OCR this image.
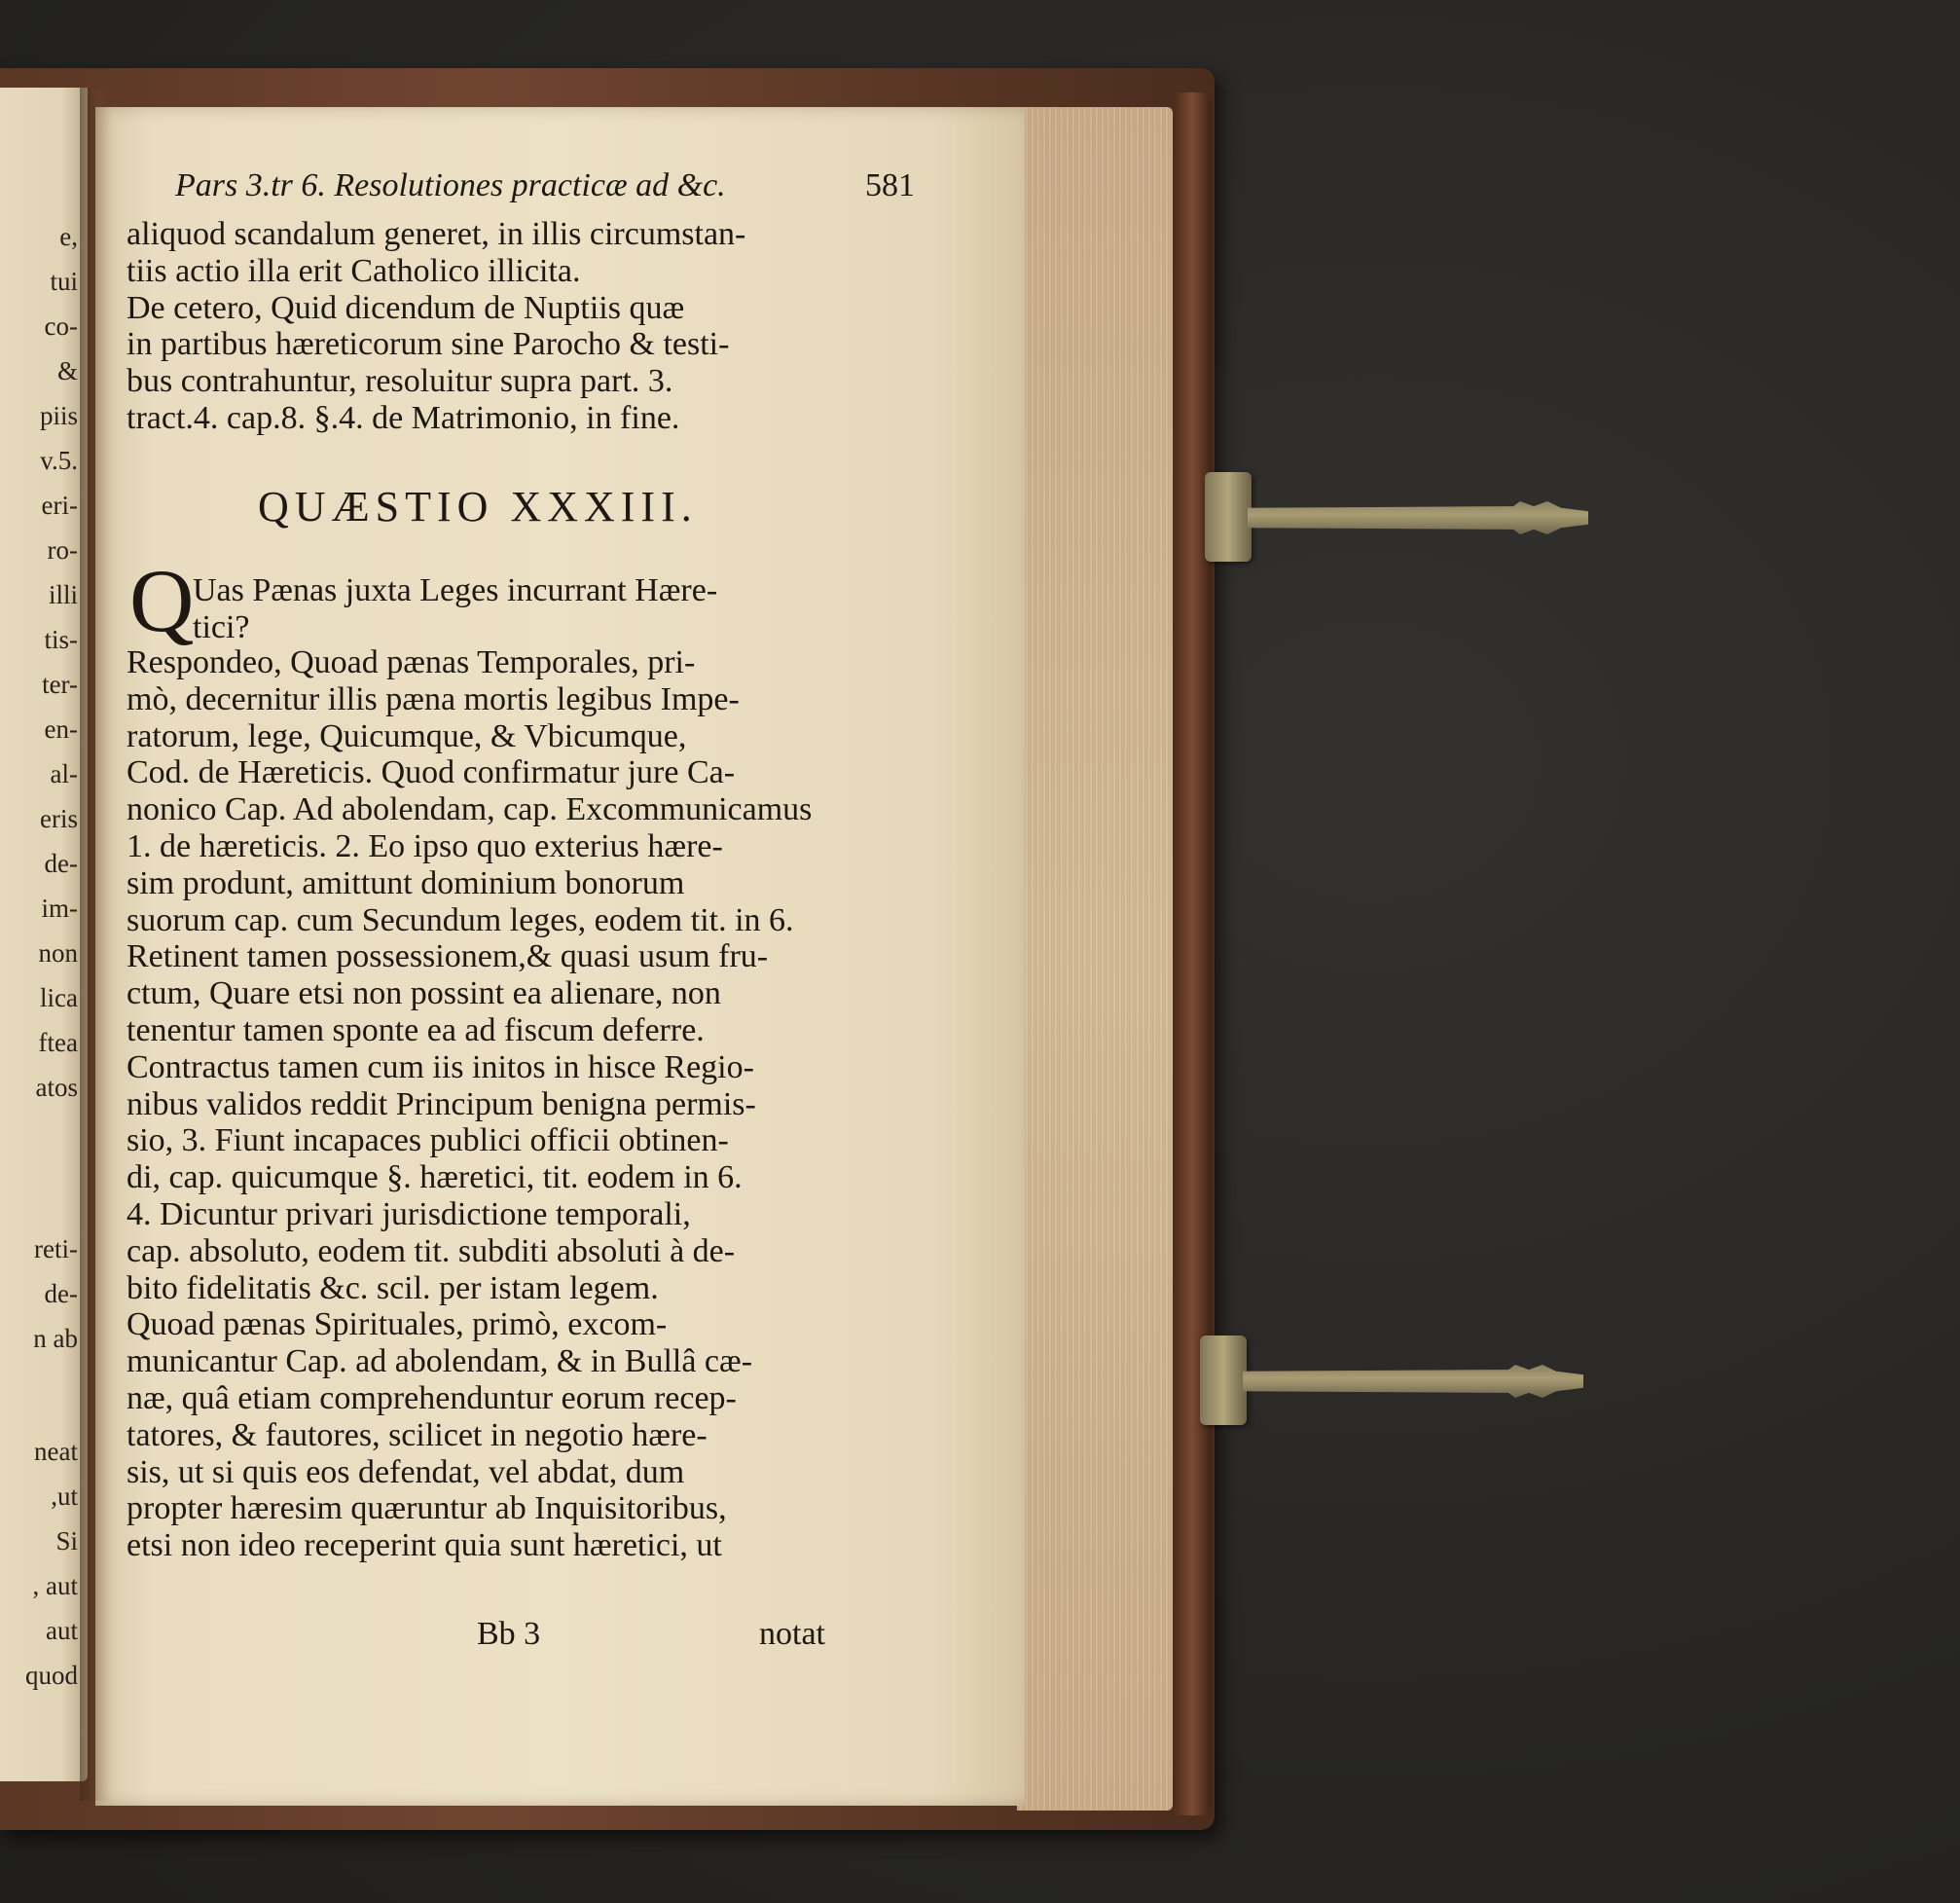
e,
tui
co-
&
piis
v.5.
eri-
ro-
illi
tis-
ter-
en-
al-
eris
de-
im-
non
lica
ftea
atos
reti-
de-
n ab
neat
,ut
Si
, aut
aut
quod
Pars 3.tr 6. Resolutiones practicæ ad &c.	581
aliquod scandalum generet, in illis circumstan-
tiis actio illa erit Catholico illicita.
De cetero, Quid dicendum de Nuptiis quæ
in partibus hæreticorum sine Parocho & testi-
bus contrahuntur, resoluitur supra part. 3.
tract.4. cap.8. §.4. de Matrimonio, in fine.
QUÆSTIO XXXIII.
Q
Uas Pænas juxta Leges incurrant Hære-
tici?
Respondeo, Quoad pænas Temporales, pri-
mò, decernitur illis pæna mortis legibus Impe-
ratorum, lege, Quicumque, & Vbicumque,
Cod. de Hæreticis. Quod confirmatur jure Ca-
nonico Cap. Ad abolendam, cap. Excommunicamus
1. de hæreticis. 2. Eo ipso quo exterius hære-
sim produnt, amittunt dominium bonorum
suorum cap. cum Secundum leges, eodem tit. in 6.
Retinent tamen possessionem,& quasi usum fru-
ctum, Quare etsi non possint ea alienare, non
tenentur tamen sponte ea ad fiscum deferre.
Contractus tamen cum iis initos in hisce Regio-
nibus validos reddit Principum benigna permis-
sio, 3. Fiunt incapaces publici officii obtinen-
di, cap. quicumque §. hæretici, tit. eodem in 6.
4. Dicuntur privari jurisdictione temporali,
cap. absoluto, eodem tit. subditi absoluti à de-
bito fidelitatis &c. scil. per istam legem.
Quoad pænas Spirituales, primò, excom-
municantur Cap. ad abolendam, & in Bullâ cæ-
næ, quâ etiam comprehenduntur eorum recep-
tatores, & fautores, scilicet in negotio hære-
sis, ut si quis eos defendat, vel abdat, dum
propter hæresim quæruntur ab Inquisitoribus,
etsi non ideo receperint quia sunt hæretici, ut
Bb 3	notat
